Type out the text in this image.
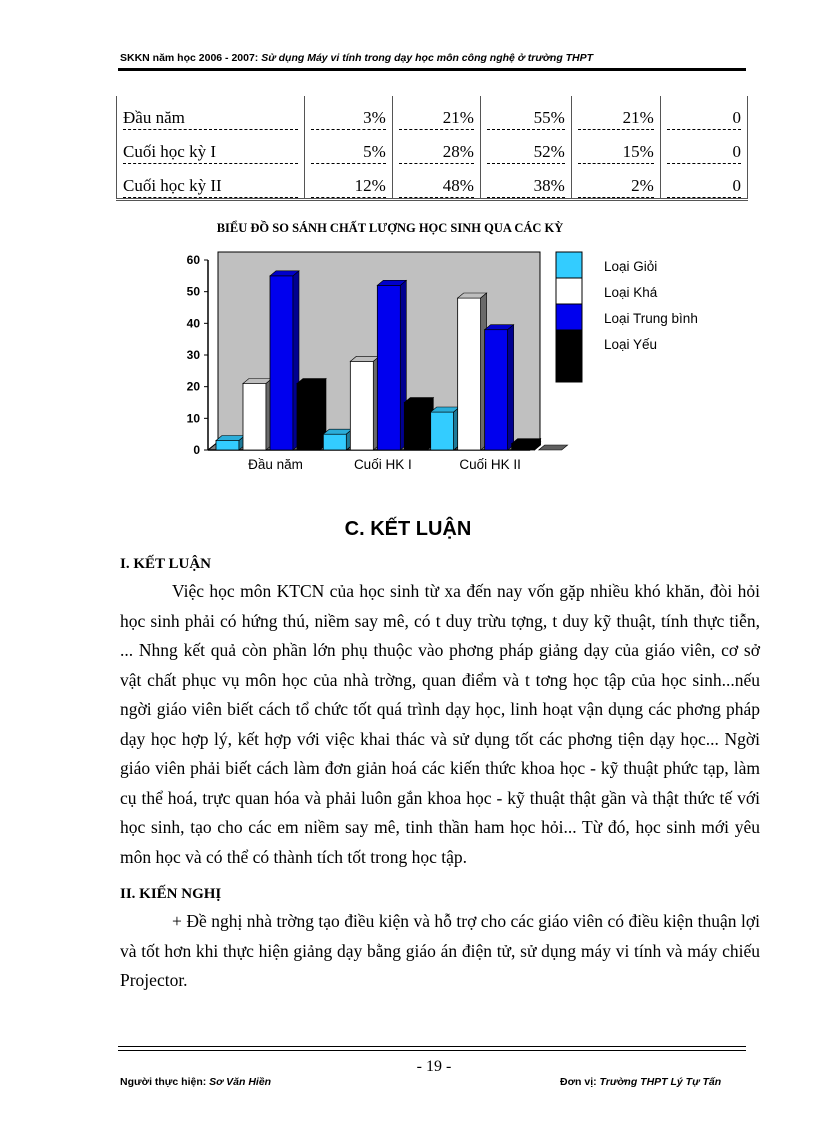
SKKN năm học 2006 - 2007: Sử dụng Máy vi tính trong dạy học môn công nghệ ở trường THPT
Đầu năm	3%	21%	55%	21%	0
Cuối học kỳ I	5%	28%	52%	15%	0
Cuối học kỳ II	12%	48%	38%	2%	0
BIỂU ĐỒ SO SÁNH CHẤT LƯỢNG HỌC SINH QUA CÁC KỲ
0
10
20
30
40
50
60
Đầu năm	Cuối HK I	Cuối HK II
Loại Giỏi
Loại Khá
Loại Trung bình
Loại Yếu
C. KẾT LUẬN
I. KẾT LUẬN
Việc học môn KTCN của học sinh từ xa đến nay vốn gặp nhiều khó khăn, đòi hỏi học sinh phải có hứng thú, niềm say mê, có t duy trừu tợng, t duy kỹ thuật, tính thực tiễn, ... Nhng kết quả còn phần lớn phụ thuộc vào phơng pháp giảng dạy của giáo viên, cơ sở vật chất phục vụ môn học của nhà trờng, quan điểm và t tơng học tập của học sinh...nếu ngời giáo viên biết cách tổ chức tốt quá trình dạy học, linh hoạt vận dụng các phơng pháp dạy học hợp lý, kết hợp với việc khai thác và sử dụng tốt các phơng tiện dạy học... Ngời giáo viên phải biết cách làm đơn giản hoá các kiến thức khoa học - kỹ thuật phức tạp, làm cụ thể hoá, trực quan hóa và phải luôn gắn khoa học - kỹ thuật thật gần và thật thức tế với học sinh, tạo cho các em niềm say mê, tinh thần ham học hỏi... Từ đó, học sinh mới yêu môn học và có thể có thành tích tốt trong học tập.
II. KIẾN NGHỊ
+ Đề nghị nhà trờng tạo điều kiện và hỗ trợ cho các giáo viên có điều kiện thuận lợi và tốt hơn khi thực hiện giảng dạy bằng giáo án điện tử, sử dụng máy vi tính và máy chiếu Projector.
- 19 -
Người thực hiện: Sơ Văn Hiền	Đơn vị: Trường THPT Lý Tự Tấn
